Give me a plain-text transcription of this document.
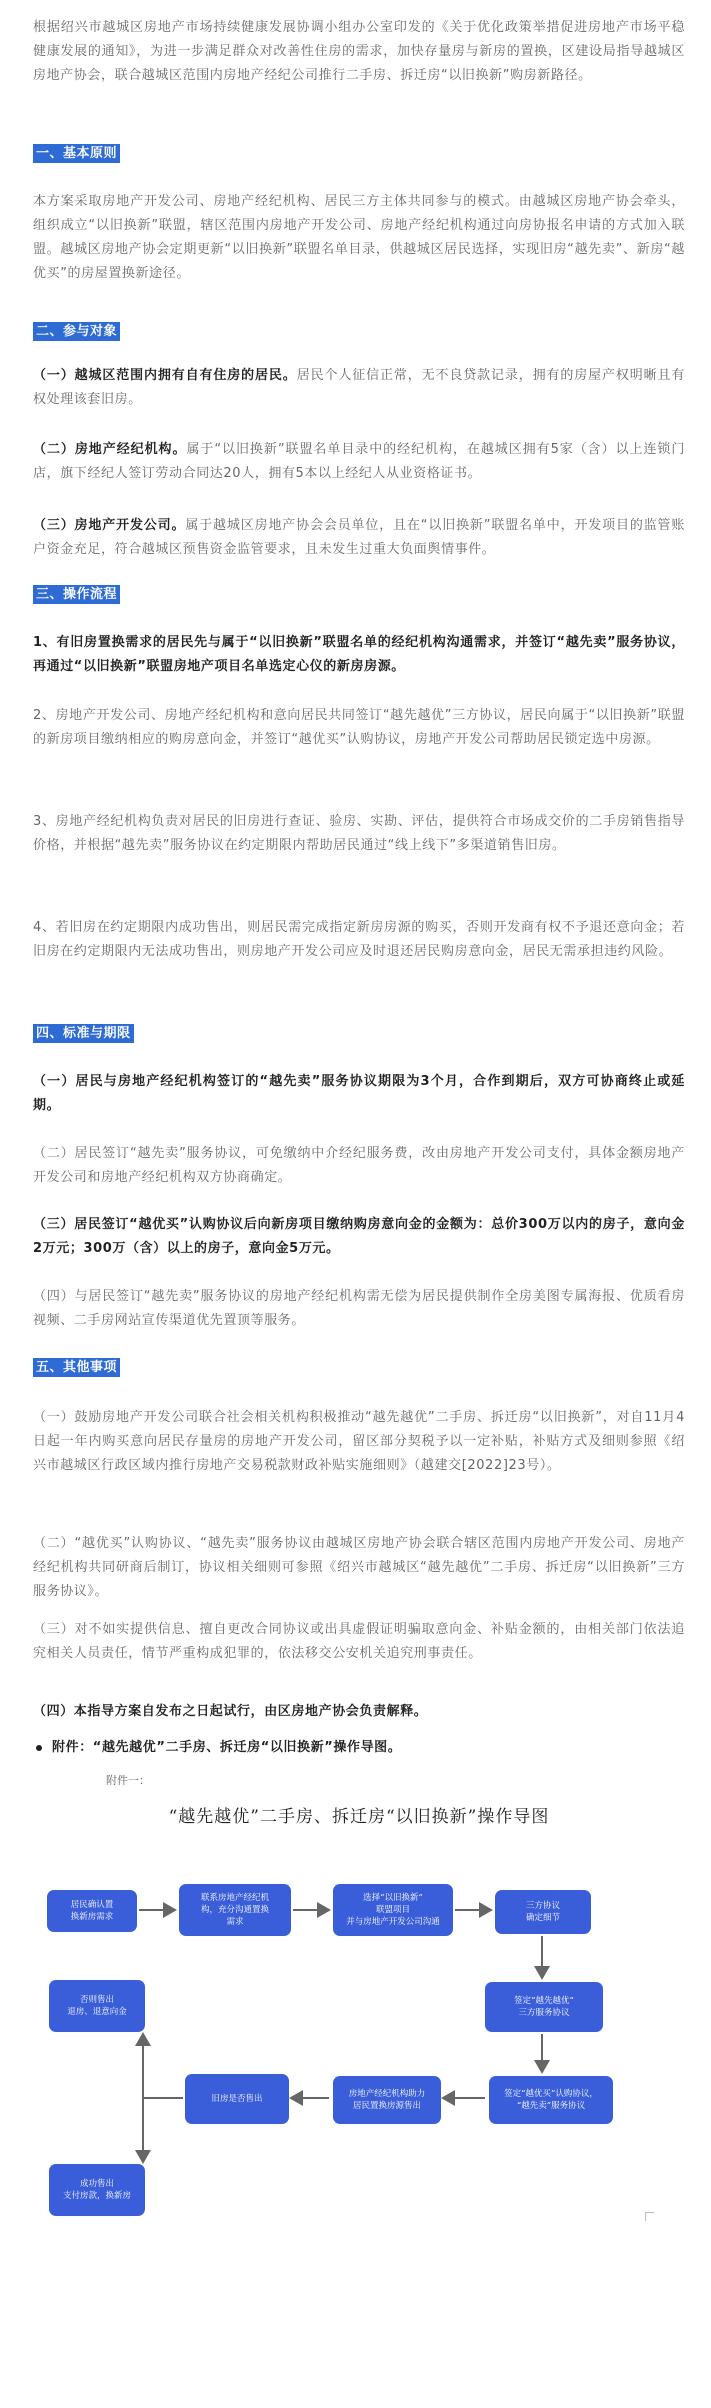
根据绍兴市越城区房地产市场持续健康发展协调小组办公室印发的《关于优化政策举措促进房地产市场平稳健康发展的通知》，为进一步满足群众对改善性住房的需求，加快存量房与新房的置换，区建设局指导越城区房地产协会，联合越城区范围内房地产经纪公司推行二手房、拆迁房“以旧换新”购房新路径。

一、基本原则

本方案采取房地产开发公司、房地产经纪机构、居民三方主体共同参与的模式。由越城区房地产协会牵头，组织成立“以旧换新”联盟，辖区范围内房地产开发公司、房地产经纪机构通过向房协报名申请的方式加入联盟。越城区房地产协会定期更新“以旧换新”联盟名单目录，供越城区居民选择，实现旧房“越先卖”、新房“越优买”的房屋置换新途径。

二、参与对象

（一）越城区范围内拥有自有住房的居民。居民个人征信正常，无不良贷款记录，拥有的房屋产权明晰且有权处理该套旧房。

（二）房地产经纪机构。属于“以旧换新”联盟名单目录中的经纪机构，在越城区拥有5家（含）以上连锁门店，旗下经纪人签订劳动合同达20人，拥有5本以上经纪人从业资格证书。

（三）房地产开发公司。属于越城区房地产协会会员单位，且在“以旧换新”联盟名单中，开发项目的监管账户资金充足，符合越城区预售资金监管要求，且未发生过重大负面舆情事件。

三、操作流程

1、有旧房置换需求的居民先与属于“以旧换新”联盟名单的经纪机构沟通需求，并签订“越先卖”服务协议，再通过“以旧换新”联盟房地产项目名单选定心仪的新房房源。

2、房地产开发公司、房地产经纪机构和意向居民共同签订“越先越优”三方协议，居民向属于“以旧换新”联盟的新房项目缴纳相应的购房意向金，并签订“越优买”认购协议，房地产开发公司帮助居民锁定选中房源。

3、房地产经纪机构负责对居民的旧房进行查证、验房、实勘、评估，提供符合市场成交价的二手房销售指导价格，并根据“越先卖”服务协议在约定期限内帮助居民通过“线上线下”多渠道销售旧房。

4、若旧房在约定期限内成功售出，则居民需完成指定新房房源的购买，否则开发商有权不予退还意向金；若旧房在约定期限内无法成功售出，则房地产开发公司应及时退还居民购房意向金，居民无需承担违约风险。

四、标准与期限

（一）居民与房地产经纪机构签订的“越先卖”服务协议期限为3个月，合作到期后，双方可协商终止或延期。

（二）居民签订“越先卖”服务协议，可免缴纳中介经纪服务费，改由房地产开发公司支付，具体金额房地产开发公司和房地产经纪机构双方协商确定。

（三）居民签订“越优买”认购协议后向新房项目缴纳购房意向金的金额为：总价300万以内的房子，意向金2万元；300万（含）以上的房子，意向金5万元。

（四）与居民签订“越先卖”服务协议的房地产经纪机构需无偿为居民提供制作全房美图专属海报、优质看房视频、二手房网站宣传渠道优先置顶等服务。

五、其他事项

（一）鼓励房地产开发公司联合社会相关机构积极推动“越先越优”二手房、拆迁房“以旧换新”，对自11月4日起一年内购买意向居民存量房的房地产开发公司，留区部分契税予以一定补贴，补贴方式及细则参照《绍兴市越城区行政区域内推行房地产交易税款财政补贴实施细则》（越建交[2022]23号）。

（二）“越优买”认购协议、“越先卖”服务协议由越城区房地产协会联合辖区范围内房地产开发公司、房地产经纪机构共同研商后制订，协议相关细则可参照《绍兴市越城区“越先越优”二手房、拆迁房“以旧换新”三方服务协议》。

（三）对不如实提供信息、擅自更改合同协议或出具虚假证明骗取意向金、补贴金额的，由相关部门依法追究相关人员责任，情节严重构成犯罪的，依法移交公安机关追究刑事责任。

（四）本指导方案自发布之日起试行，由区房地产协会负责解释。

附件：“越先越优”二手房、拆迁房“以旧换新”操作导图。

附件一：
“越先越优”二手房、拆迁房“以旧换新”操作导图
居民确认置
换新房需求
联系房地产经纪机
构，充分沟通置换
需求
选择“以旧换新”
联盟项目
并与房地产开发公司沟通
三方协议
确定细节
签定“越先越优”
三方服务协议
签定“越优买”认购协议，
“越先卖”服务协议
房地产经纪机构助力
居民置换房源售出
旧房是否售出
否则售出
退房、退意向金
成功售出
支付房款，换新房
